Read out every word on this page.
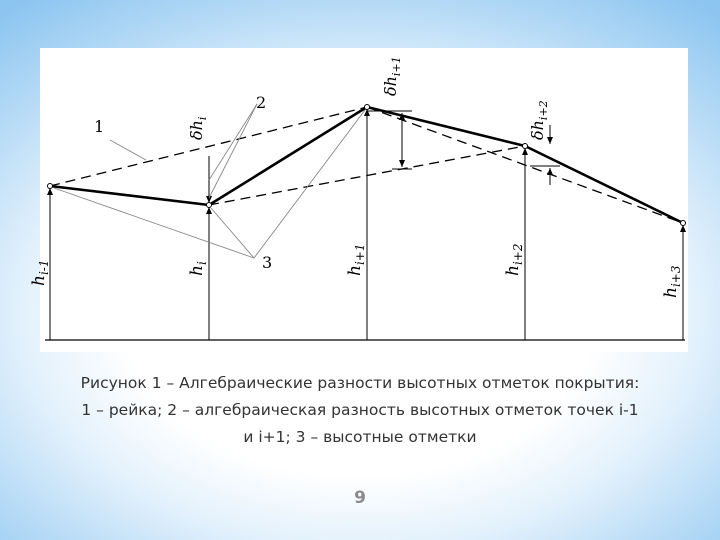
1
2
3
$h_{i-1}$	$h_i$
$h_{i+1}$
$h_{i+2}$
$h_{i+3}$
$\delta h_i$
$\delta h_{i+1}$
$\delta h_{i+2}$
Рисунок 1 – Алгебраические разности высотных отметок покрытия:
1 – рейка; 2 – алгебраическая разность высотных отметок точек i-1
и i+1; 3 – высотные отметки
9
